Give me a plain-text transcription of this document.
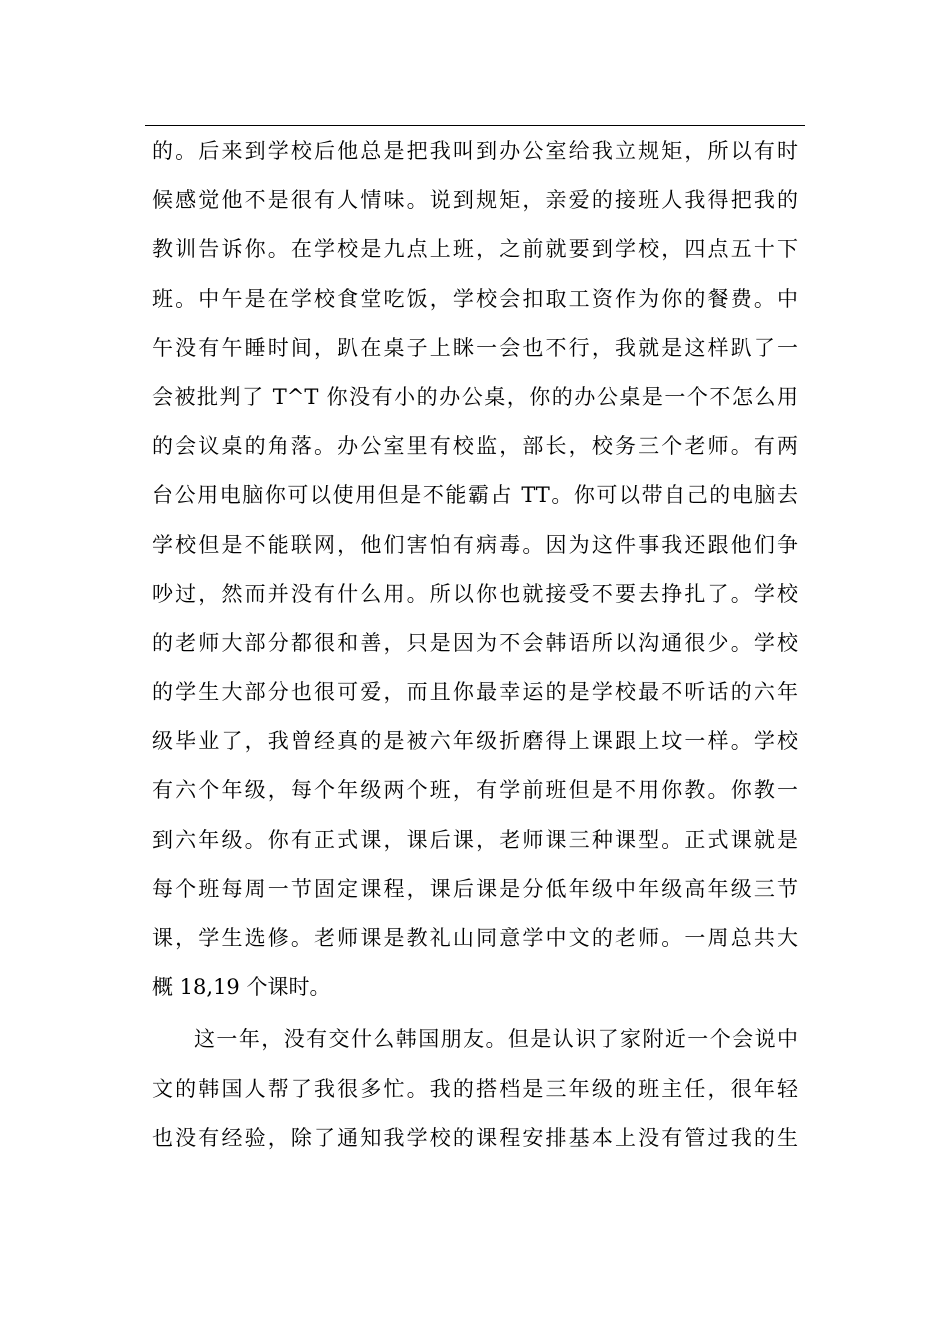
的。后来到学校后他总是把我叫到办公室给我立规矩，所以有时
候感觉他不是很有人情味。说到规矩，亲爱的接班人我得把我的
教训告诉你。在学校是九点上班，之前就要到学校，四点五十下
班。中午是在学校食堂吃饭，学校会扣取工资作为你的餐费。中
午没有午睡时间，趴在桌子上眯一会也不行，我就是这样趴了一
会被批判了 T^T 你没有小的办公桌，你的办公桌是一个不怎么用
的会议桌的角落。办公室里有校监，部长，校务三个老师。有两
台公用电脑你可以使用但是不能霸占 TT。你可以带自己的电脑去
学校但是不能联网，他们害怕有病毒。因为这件事我还跟他们争
吵过，然而并没有什么用。所以你也就接受不要去挣扎了。学校
的老师大部分都很和善，只是因为不会韩语所以沟通很少。学校
的学生大部分也很可爱，而且你最幸运的是学校最不听话的六年
级毕业了，我曾经真的是被六年级折磨得上课跟上坟一样。学校
有六个年级，每个年级两个班，有学前班但是不用你教。你教一
到六年级。你有正式课，课后课，老师课三种课型。正式课就是
每个班每周一节固定课程，课后课是分低年级中年级高年级三节
课，学生选修。老师课是教礼山同意学中文的老师。一周总共大
概 18,19 个课时。
这一年，没有交什么韩国朋友。但是认识了家附近一个会说中
文的韩国人帮了我很多忙。我的搭档是三年级的班主任，很年轻
也没有经验，除了通知我学校的课程安排基本上没有管过我的生
